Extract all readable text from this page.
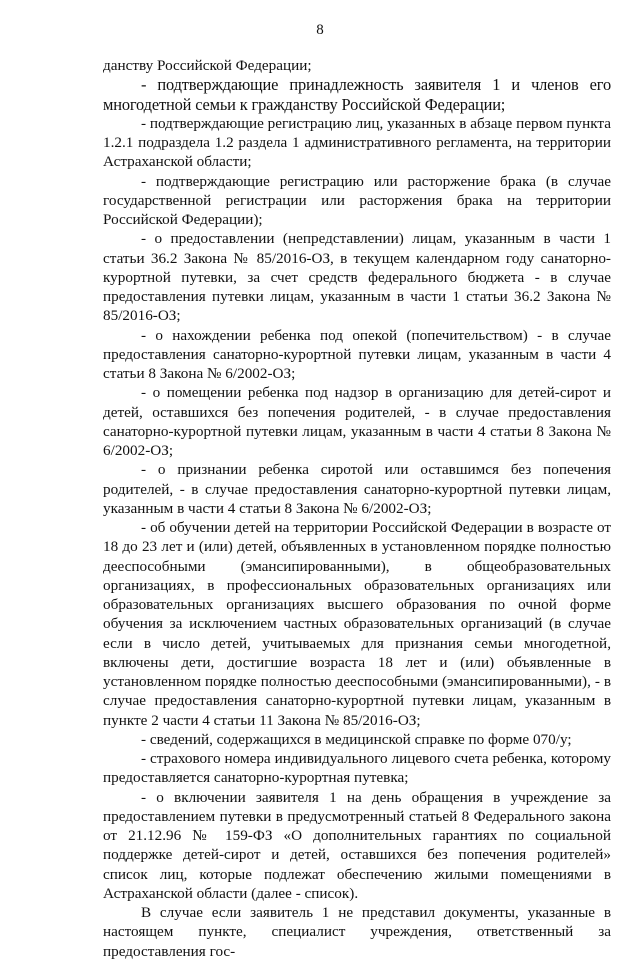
8

данству Российской Федерации;

- подтверждающие принадлежность заявителя 1 и членов его многодетной семьи к гражданству Российской Федерации;

- подтверждающие регистрацию лиц, указанных в абзаце первом пункта 1.2.1 подраздела 1.2 раздела 1 административного регламента, на территории Астраханской области;

- подтверждающие регистрацию или расторжение брака (в случае государственной регистрации или расторжения брака на территории Российской Федерации);

- о предоставлении (непредставлении) лицам, указанным в части 1 статьи 36.2 Закона № 85/2016-ОЗ, в текущем календарном году санаторно-курортной путевки, за счет средств федерального бюджета - в случае предоставления путевки лицам, указанным в части 1 статьи 36.2 Закона № 85/2016-ОЗ;

- о нахождении ребенка под опекой (попечительством) - в случае предоставления санаторно-курортной путевки лицам, указанным в части 4 статьи 8 Закона № 6/2002-ОЗ;

- о помещении ребенка под надзор в организацию для детей-сирот и детей, оставшихся без попечения родителей, - в случае предоставления санаторно-курортной путевки лицам, указанным в части 4 статьи 8 Закона № 6/2002-ОЗ;

- о признании ребенка сиротой или оставшимся без попечения родителей, - в случае предоставления санаторно-курортной путевки лицам, указанным в части 4 статьи 8 Закона № 6/2002-ОЗ;

- об обучении детей на территории Российской Федерации в возрасте от 18 до 23 лет и (или) детей, объявленных в установленном порядке полностью дееспособными (эмансипированными), в общеобразовательных организациях, в профессиональных образовательных организациях или образовательных организациях высшего образования по очной форме обучения за исключением частных образовательных организаций (в случае если в число детей, учитываемых для признания семьи многодетной, включены дети, достигшие возраста 18 лет и (или) объявленные в установленном порядке полностью дееспособными (эмансипированными), - в случае предоставления санаторно-курортной путевки лицам, указанным в пункте 2 части 4 статьи 11 Закона № 85/2016-ОЗ;

- сведений, содержащихся в медицинской справке по форме 070/у;

- страхового номера индивидуального лицевого счета ребенка, которому предоставляется санаторно-курортная путевка;

- о включении заявителя 1 на день обращения в учреждение за предоставлением путевки в предусмотренный статьей 8 Федерального закона от 21.12.96 № 159-ФЗ «О дополнительных гарантиях по социальной поддержке детей-сирот и детей, оставшихся без попечения родителей» список лиц, которые подлежат обеспечению жилыми помещениями в Астраханской области (далее - список).

В случае если заявитель 1 не представил документы, указанные в настоящем пункте, специалист учреждения, ответственный за предоставления гос-
